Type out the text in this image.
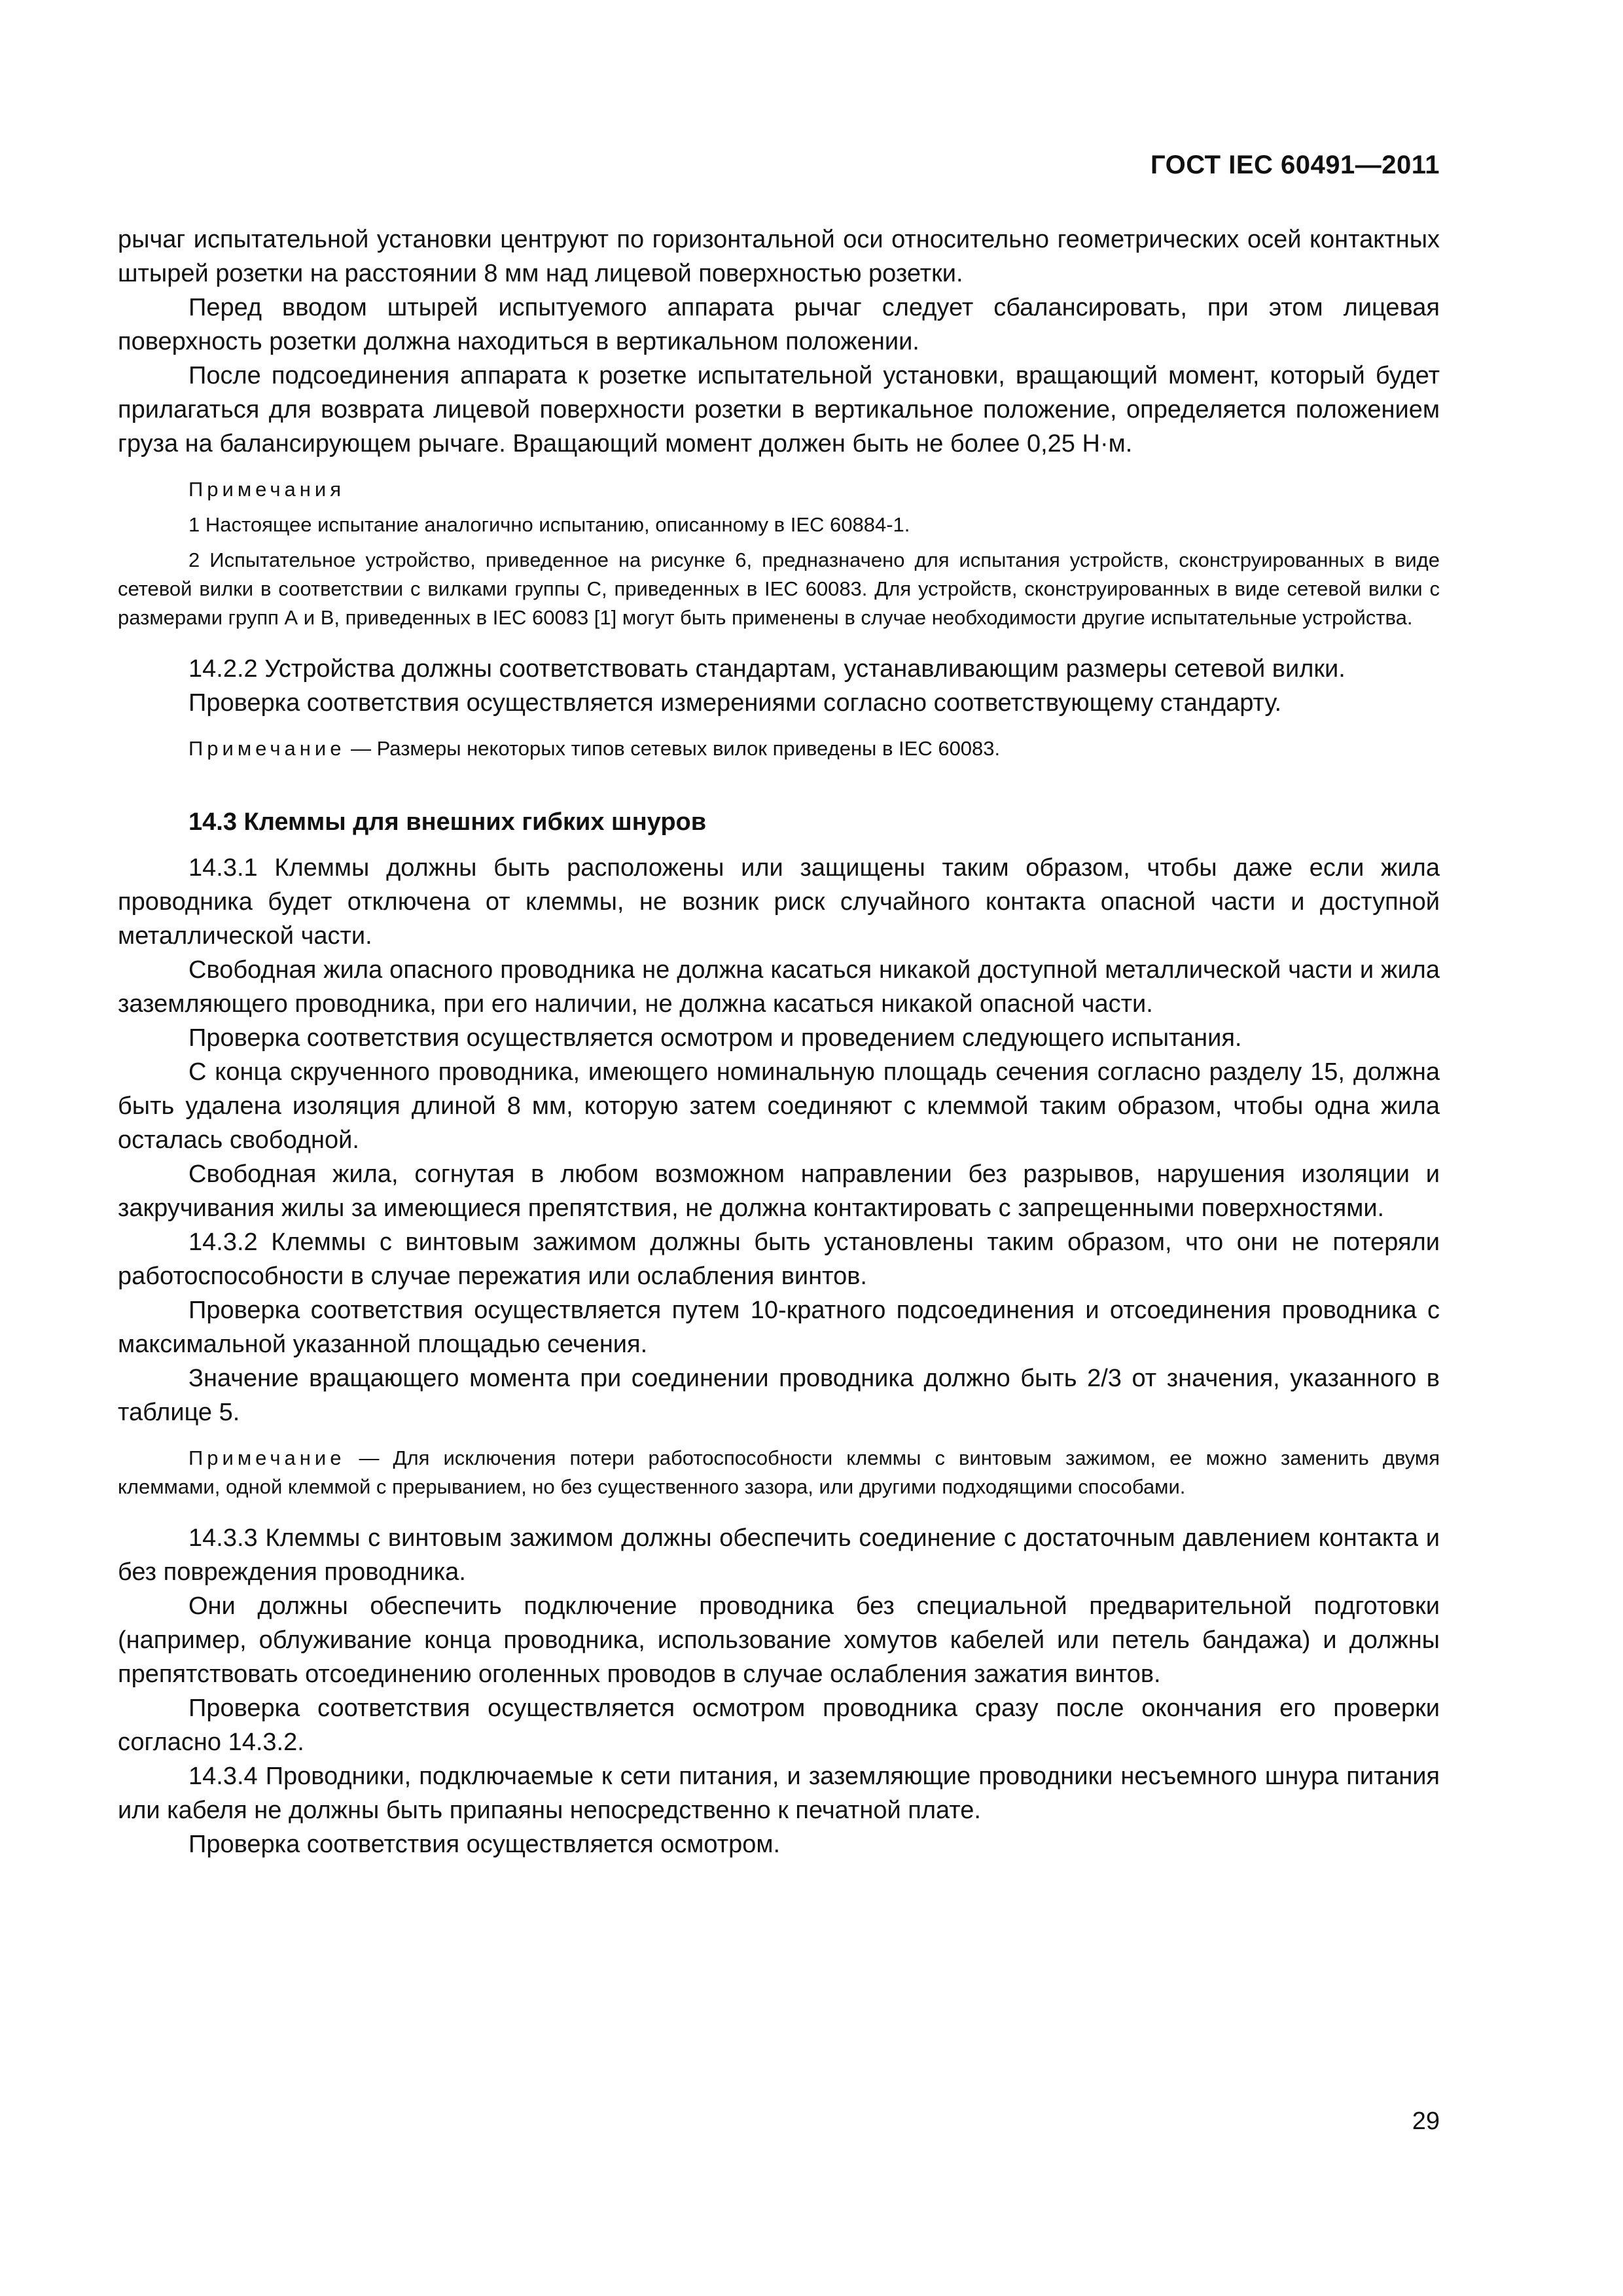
ГОСТ IEC 60491—2011

рычаг испытательной установки центруют по горизонтальной оси относительно геометрических осей контактных штырей розетки на расстоянии 8 мм над лицевой поверхностью розетки.

Перед вводом штырей испытуемого аппарата рычаг следует сбалансировать, при этом лицевая поверхность розетки должна находиться в вертикальном положении.

После подсоединения аппарата к розетке испытательной установки, вращающий момент, который будет прилагаться для возврата лицевой поверхности розетки в вертикальное положение, определяется положением груза на балансирующем рычаге. Вращающий момент должен быть не более 0,25 Н·м.

Примечания

1 Настоящее испытание аналогично испытанию, описанному в IEC 60884-1.

2 Испытательное устройство, приведенное на рисунке 6, предназначено для испытания устройств, сконструированных в виде сетевой вилки в соответствии с вилками группы С, приведенных в IEC 60083. Для устройств, сконструированных в виде сетевой вилки с размерами групп А и В, приведенных в IEC 60083 [1] могут быть применены в случае необходимости другие испытательные устройства.

14.2.2 Устройства должны соответствовать стандартам, устанавливающим размеры сетевой вилки.

Проверка соответствия осуществляется измерениями согласно соответствующему стандарту.

Примечание — Размеры некоторых типов сетевых вилок приведены в IEC 60083.

14.3 Клеммы для внешних гибких шнуров

14.3.1 Клеммы должны быть расположены или защищены таким образом, чтобы даже если жила проводника будет отключена от клеммы, не возник риск случайного контакта опасной части и доступной металлической части.

Свободная жила опасного проводника не должна касаться никакой доступной металлической части и жила заземляющего проводника, при его наличии, не должна касаться никакой опасной части.

Проверка соответствия осуществляется осмотром и проведением следующего испытания.

С конца скрученного проводника, имеющего номинальную площадь сечения согласно разделу 15, должна быть удалена изоляция длиной 8 мм, которую затем соединяют с клеммой таким образом, чтобы одна жила осталась свободной.

Свободная жила, согнутая в любом возможном направлении без разрывов, нарушения изоляции и закручивания жилы за имеющиеся препятствия, не должна контактировать с запрещенными поверхностями.

14.3.2 Клеммы с винтовым зажимом должны быть установлены таким образом, что они не потеряли работоспособности в случае пережатия или ослабления винтов.

Проверка соответствия осуществляется путем 10-кратного подсоединения и отсоединения проводника с максимальной указанной площадью сечения.

Значение вращающего момента при соединении проводника должно быть 2/3 от значения, указанного в таблице 5.

Примечание — Для исключения потери работоспособности клеммы с винтовым зажимом, ее можно заменить двумя клеммами, одной клеммой с прерыванием, но без существенного зазора, или другими подходящими способами.

14.3.3 Клеммы с винтовым зажимом должны обеспечить соединение с достаточным давлением контакта и без повреждения проводника.

Они должны обеспечить подключение проводника без специальной предварительной подготовки (например, облуживание конца проводника, использование хомутов кабелей или петель бандажа) и должны препятствовать отсоединению оголенных проводов в случае ослабления зажатия винтов.

Проверка соответствия осуществляется осмотром проводника сразу после окончания его проверки согласно 14.3.2.

14.3.4 Проводники, подключаемые к сети питания, и заземляющие проводники несъемного шнура питания или кабеля не должны быть припаяны непосредственно к печатной плате.

Проверка соответствия осуществляется осмотром.

29
